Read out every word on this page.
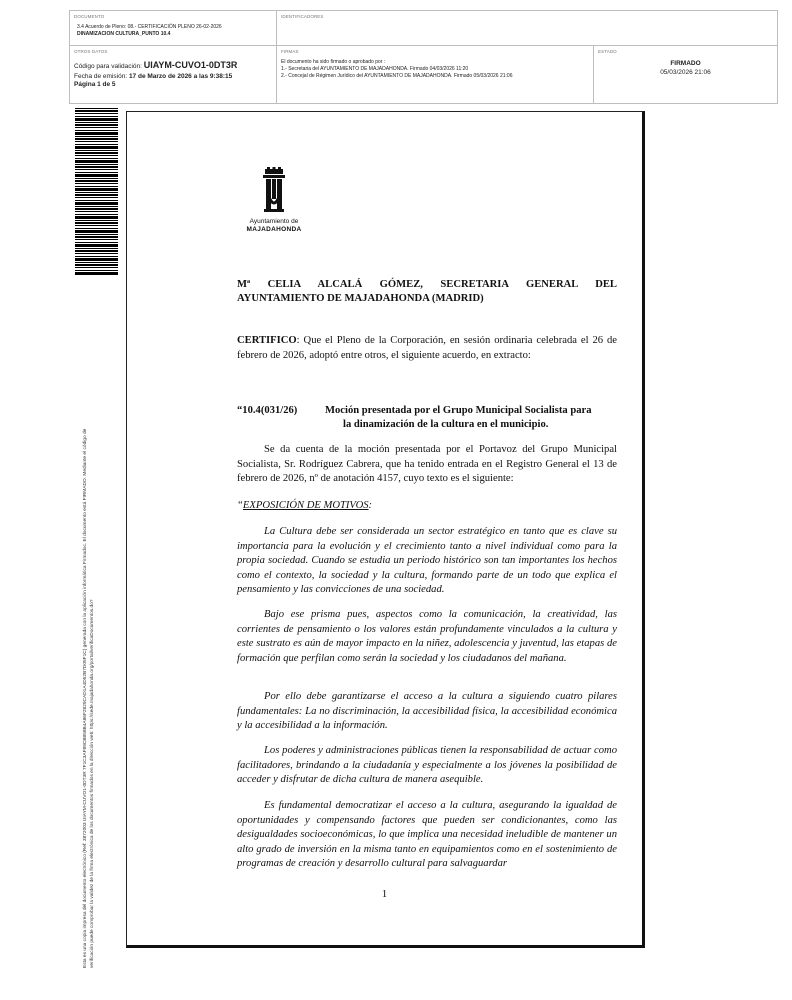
DOCUMENTO
3.4 Acuerdo de Pleno: 08.- CERTIFICACIÓN PLENO 26-02-2026
DINAMIZACION CULTURA_PUNTO 10.4
IDENTIFICADORES
OTROS DATOS
Código para validación: UIAYM-CUVO1-0DT3R
Fecha de emisión: 17 de Marzo de 2026 a las 9:38:15
Página 1 de 5
FIRMAS
El documento ha sido firmado o aprobado por :
1.- Secretaria del AYUNTAMIENTO DE MAJADAHONDA. Firmado 04/03/2026 11:20
2.- Concejal de Régimen Jurídico del AYUNTAMIENTO DE MAJADAHONDA. Firmado 05/03/2026 21:06
ESTADO
FIRMADO
05/03/2026 21:06
Esta es una copia impresa del documento electrónico (Ref: 3872003 UIAYM-CUVO1-0DT3R 7F1C3AF89CB858B4A86F2825CAD1A4D52B7D05F1C) generada con la aplicación informática Firmadoc. El documento está FIRMADO. Mediante el código de verificación puede comprobar la validez de la firma electrónica de los documentos firmados en la dirección web: https://sede.majadahonda.org/portal/verificaDocumentos.do?
Ayuntamiento de
MAJADAHONDA

Mª CELIA ALCALÁ GÓMEZ, SECRETARIA GENERAL DEL AYUNTAMIENTO DE MAJADAHONDA (MADRID)

CERTIFICO: Que el Pleno de la Corporación, en sesión ordinaria celebrada el 26 de febrero de 2026, adoptó entre otros, el siguiente acuerdo, en extracto:

“10.4(031/26)	Moción presentada por el Grupo Municipal Socialista para
la dinamización de la cultura en el municipio.

Se da cuenta de la moción presentada por el Portavoz del Grupo Municipal Socialista, Sr. Rodríguez Cabrera, que ha tenido entrada en el Registro General el 13 de febrero de 2026, nº de anotación 4157, cuyo texto es el siguiente:

“EXPOSICIÓN DE MOTIVOS:

La Cultura debe ser considerada un sector estratégico en tanto que es clave su importancia para la evolución y el crecimiento tanto a nivel individual como para la propia sociedad. Cuando se estudia un periodo histórico son tan importantes los hechos como el contexto, la sociedad y la cultura, formando parte de un todo que explica el pensamiento y las convicciones de una sociedad.

Bajo ese prisma pues, aspectos como la comunicación, la creatividad, las corrientes de pensamiento o los valores están profundamente vinculados a la cultura y este sustrato es aún de mayor impacto en la niñez, adolescencia y juventud, las etapas de formación que perfilan como serán la sociedad y los ciudadanos del mañana.

Por ello debe garantizarse el acceso a la cultura a siguiendo cuatro pilares fundamentales: La no discriminación, la accesibilidad física, la accesibilidad económica y la accesibilidad a la información.

Los poderes y administraciones públicas tienen la responsabilidad de actuar como facilitadores, brindando a la ciudadanía y especialmente a los jóvenes la posibilidad de acceder y disfrutar de dicha cultura de manera asequible.

Es fundamental democratizar el acceso a la cultura, asegurando la igualdad de oportunidades y compensando factores que pueden ser condicionantes, como las desigualdades socioeconómicas, lo que implica una necesidad ineludible de mantener un alto grado de inversión en la misma tanto en equipamientos como en el sostenimiento de programas de creación y desarrollo cultural para salvaguardar

1
